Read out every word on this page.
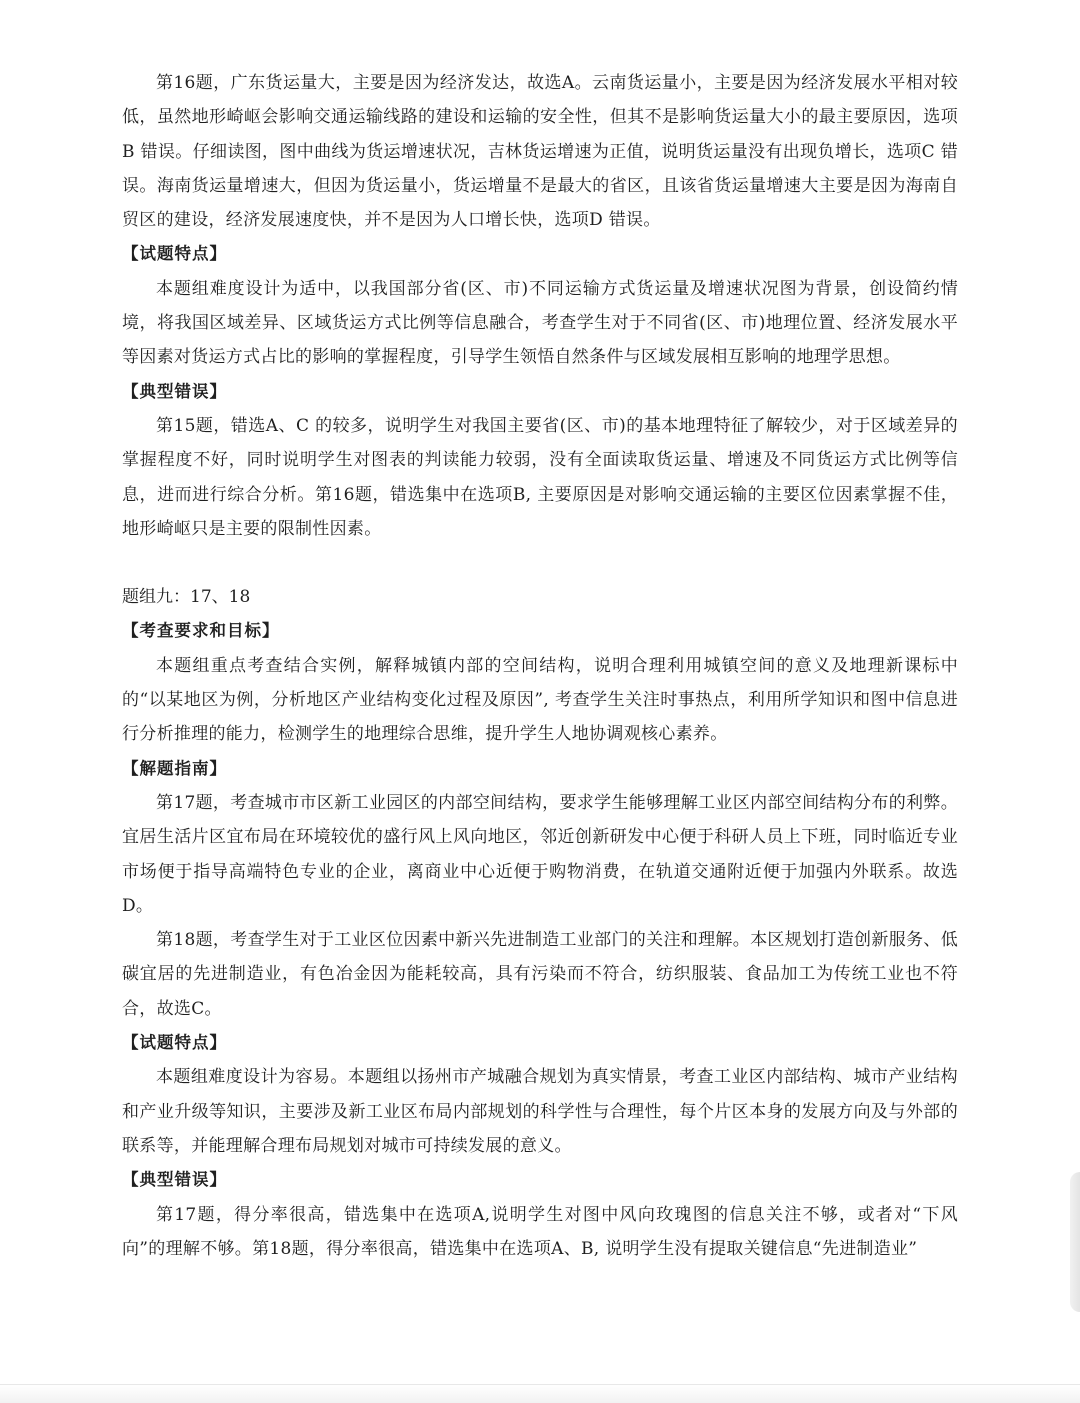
第16题，广东货运量大，主要是因为经济发达，故选A。云南货运量小，主要是因为经济发展水平相对较低，虽然地形崎岖会影响交通运输线路的建设和运输的安全性，但其不是影响货运量大小的最主要原因，选项B 错误。仔细读图，图中曲线为货运增速状况，吉林货运增速为正值，说明货运量没有出现负增长，选项C 错误。海南货运量增速大，但因为货运量小，货运增量不是最大的省区，且该省货运量增速大主要是因为海南自贸区的建设，经济发展速度快，并不是因为人口增长快，选项D 错误。

【试题特点】

本题组难度设计为适中，以我国部分省(区、市)不同运输方式货运量及增速状况图为背景，创设简约情境，将我国区域差异、区域货运方式比例等信息融合，考查学生对于不同省(区、市)地理位置、经济发展水平等因素对货运方式占比的影响的掌握程度，引导学生领悟自然条件与区域发展相互影响的地理学思想。

【典型错误】

第15题，错选A、C 的较多，说明学生对我国主要省(区、市)的基本地理特征了解较少，对于区域差异的掌握程度不好，同时说明学生对图表的判读能力较弱，没有全面读取货运量、增速及不同货运方式比例等信息，进而进行综合分析。第16题，错选集中在选项B, 主要原因是对影响交通运输的主要区位因素掌握不佳，地形崎岖只是主要的限制性因素。

题组九：17、18

【考查要求和目标】

本题组重点考查结合实例，解释城镇内部的空间结构，说明合理利用城镇空间的意义及地理新课标中的“以某地区为例，分析地区产业结构变化过程及原因”, 考查学生关注时事热点，利用所学知识和图中信息进行分析推理的能力，检测学生的地理综合思维，提升学生人地协调观核心素养。

【解题指南】

第17题，考查城市市区新工业园区的内部空间结构，要求学生能够理解工业区内部空间结构分布的利弊。宜居生活片区宜布局在环境较优的盛行风上风向地区，邻近创新研发中心便于科研人员上下班，同时临近专业市场便于指导高端特色专业的企业，离商业中心近便于购物消费，在轨道交通附近便于加强内外联系。故选D。

第18题，考查学生对于工业区位因素中新兴先进制造工业部门的关注和理解。本区规划打造创新服务、低碳宜居的先进制造业，有色冶金因为能耗较高，具有污染而不符合，纺织服装、食品加工为传统工业也不符合，故选C。

【试题特点】

本题组难度设计为容易。本题组以扬州市产城融合规划为真实情景，考查工业区内部结构、城市产业结构和产业升级等知识，主要涉及新工业区布局内部规划的科学性与合理性，每个片区本身的发展方向及与外部的联系等，并能理解合理布局规划对城市可持续发展的意义。

【典型错误】

第17题，得分率很高，错选集中在选项A,说明学生对图中风向玫瑰图的信息关注不够，或者对“下风向”的理解不够。第18题，得分率很高，错选集中在选项A、B, 说明学生没有提取关键信息“先进制造业”
